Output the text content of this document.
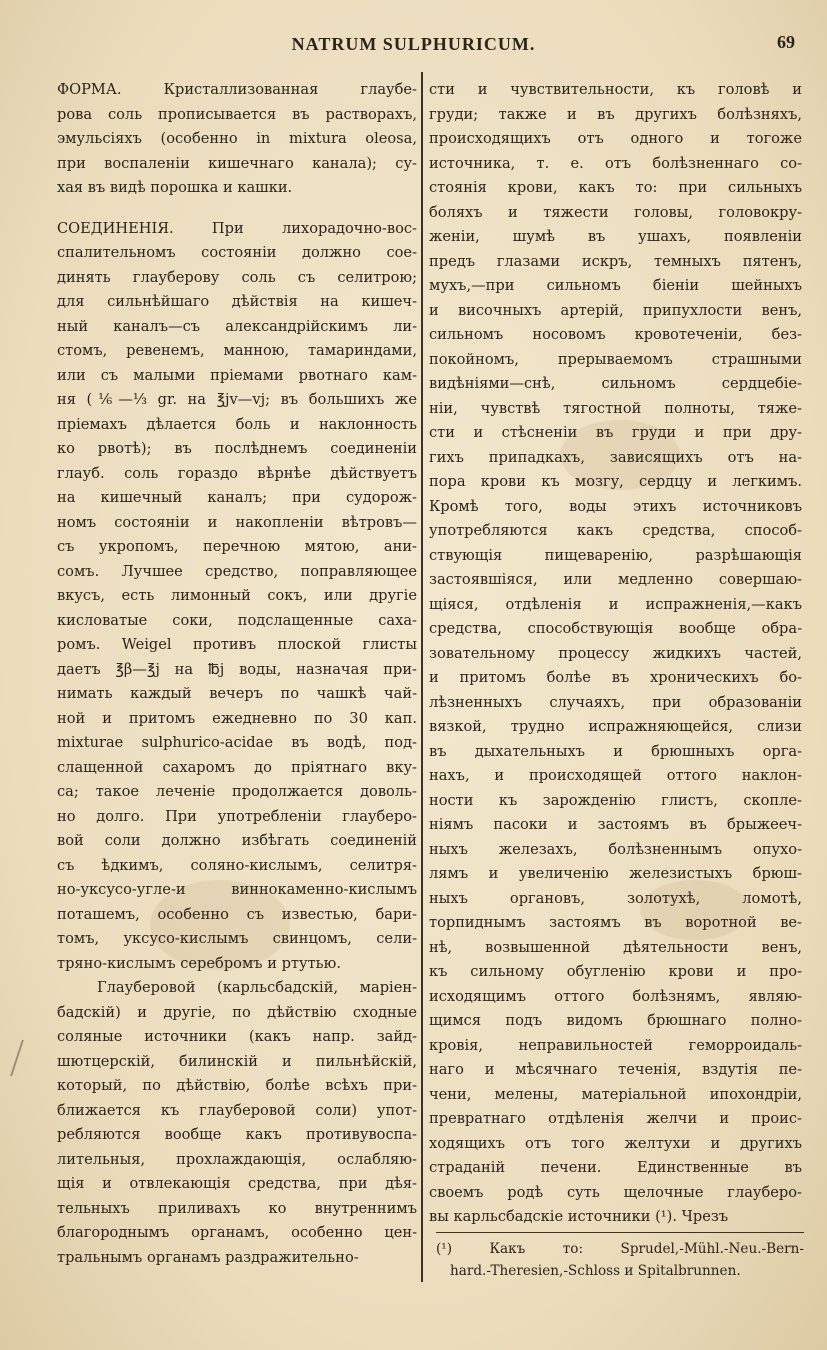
NATRUM SULPHURICUM.	69
ФОРМА. Кристаллизованная глаубе-
рова соль прописывается въ растворахъ,
эмульсіяхъ (особенно in mixtura oleosa,
при воспаленіи кишечнаго канала); су-
хая въ видѣ порошка и кашки.
СОЕДИНЕНІЯ. При лихорадочно-вос-
спалительномъ состояніи должно сое-
динять глауберову соль съ селитрою;
для сильнѣйшаго дѣйствія на кишеч-
ный каналъ—съ александрійскимъ ли-
стомъ, ревенемъ, манною, тамариндами,
или съ малыми пріемами рвотнаго кам-
ня (⅙—⅓ gr. на ℥jv—vj; въ большихъ же
пріемахъ дѣлается боль и наклонность
ко рвотѣ); въ послѣднемъ соединеніи
глауб. соль гораздо вѣрнѣе дѣйствуетъ
на кишечный каналъ; при судорож-
номъ состояніи и накопленіи вѣтровъ—
съ укропомъ, перечною мятою, ани-
сомъ. Лучшее средство, поправляющее
вкусъ, есть лимонный сокъ, или другіе
кисловатые соки, подслащенные саха-
ромъ. Weigel противъ плоской глисты
даетъ ℥β—℥j на ℔j воды, назначая при-
нимать каждый вечеръ по чашкѣ чай-
ной и притомъ ежедневно по 30 кап.
mixturae sulphurico-acidae въ водѣ, под-
слащенной сахаромъ до пріятнаго вку-
са; такое леченіе продолжается доволь-
но долго. При употребленіи глауберо-
вой соли должно избѣгать соединеній
съ ѣдкимъ, соляно-кислымъ, селитря-
но-уксусо-угле-и виннокаменно-кислымъ
поташемъ, особенно съ известью, бари-
томъ, уксусо-кислымъ свинцомъ, сели-
тряно-кислымъ серебромъ и ртутью.
Глауберовой (карльсбадскій, маріен-
бадскій) и другіе, по дѣйствію сходные
соляные источники (какъ напр. зайд-
шютцерскій, билинскій и пильнѣйскій,
который, по дѣйствію, болѣе всѣхъ при-
ближается къ глауберовой соли) упот-
ребляются вообще какъ противувоспа-
лительныя, прохлаждающія, ослабляю-
щія и отвлекающія средства, при дѣя-
тельныхъ приливахъ ко внутреннимъ
благороднымъ органамъ, особенно цен-
тральнымъ органамъ раздражительно-
сти и чувствительности, къ головѣ и
груди; также и въ другихъ болѣзняхъ,
происходящихъ отъ одного и тогоже
источника, т. е. отъ болѣзненнаго со-
стоянія крови, какъ то: при сильныхъ
боляхъ и тяжести головы, головокру-
женіи, шумѣ въ ушахъ, появленіи
предъ глазами искръ, темныхъ пятенъ,
мухъ,—при сильномъ біеніи шейныхъ
и височныхъ артерій, припухлости венъ,
сильномъ носовомъ кровотеченіи, без-
покойномъ, прерываемомъ страшными
видѣніями—снѣ, сильномъ сердцебіе-
ніи, чувствѣ тягостной полноты, тяже-
сти и стѣсненіи въ груди и при дру-
гихъ припадкахъ, зависящихъ отъ на-
пора крови къ мозгу, сердцу и легкимъ.
Кромѣ того, воды этихъ источниковъ
употребляются какъ средства, способ-
ствующія пищеваренію, разрѣшающія
застоявшіяся, или медленно совершаю-
щіяся, отдѣленія и испражненія,—какъ
средства, способствующія вообще обра-
зовательному процессу жидкихъ частей,
и притомъ болѣе въ хроническихъ бо-
лѣзненныхъ случаяхъ, при образованіи
вязкой, трудно испражняющейся, слизи
въ дыхательныхъ и брюшныхъ орга-
нахъ, и происходящей оттого наклон-
ности къ зарожденію глистъ, скопле-
ніямъ пасоки и застоямъ въ брыжееч-
ныхъ железахъ, болѣзненнымъ опухо-
лямъ и увеличенію железистыхъ брюш-
ныхъ органовъ, золотухѣ, ломотѣ,
торпиднымъ застоямъ въ воротной ве-
нѣ, возвышенной дѣятельности венъ,
къ сильному обугленію крови и про-
исходящимъ оттого болѣзнямъ, являю-
щимся подъ видомъ брюшнаго полно-
кровія, неправильностей геморроидаль-
наго и мѣсячнаго теченія, вздутія пе-
чени, мелены, матеріальной ипохондріи,
превратнаго отдѣленія желчи и проис-
ходящихъ отъ того желтухи и другихъ
страданій печени. Единственные въ
своемъ родѣ суть щелочные глауберо-
вы карльсбадскіе источники (¹). Чрезъ
(¹) Какъ то: Sprudel,-Mühl.-Neu.-Bern-
hard.-Theresien,-Schloss и Spitalbrunnen.
